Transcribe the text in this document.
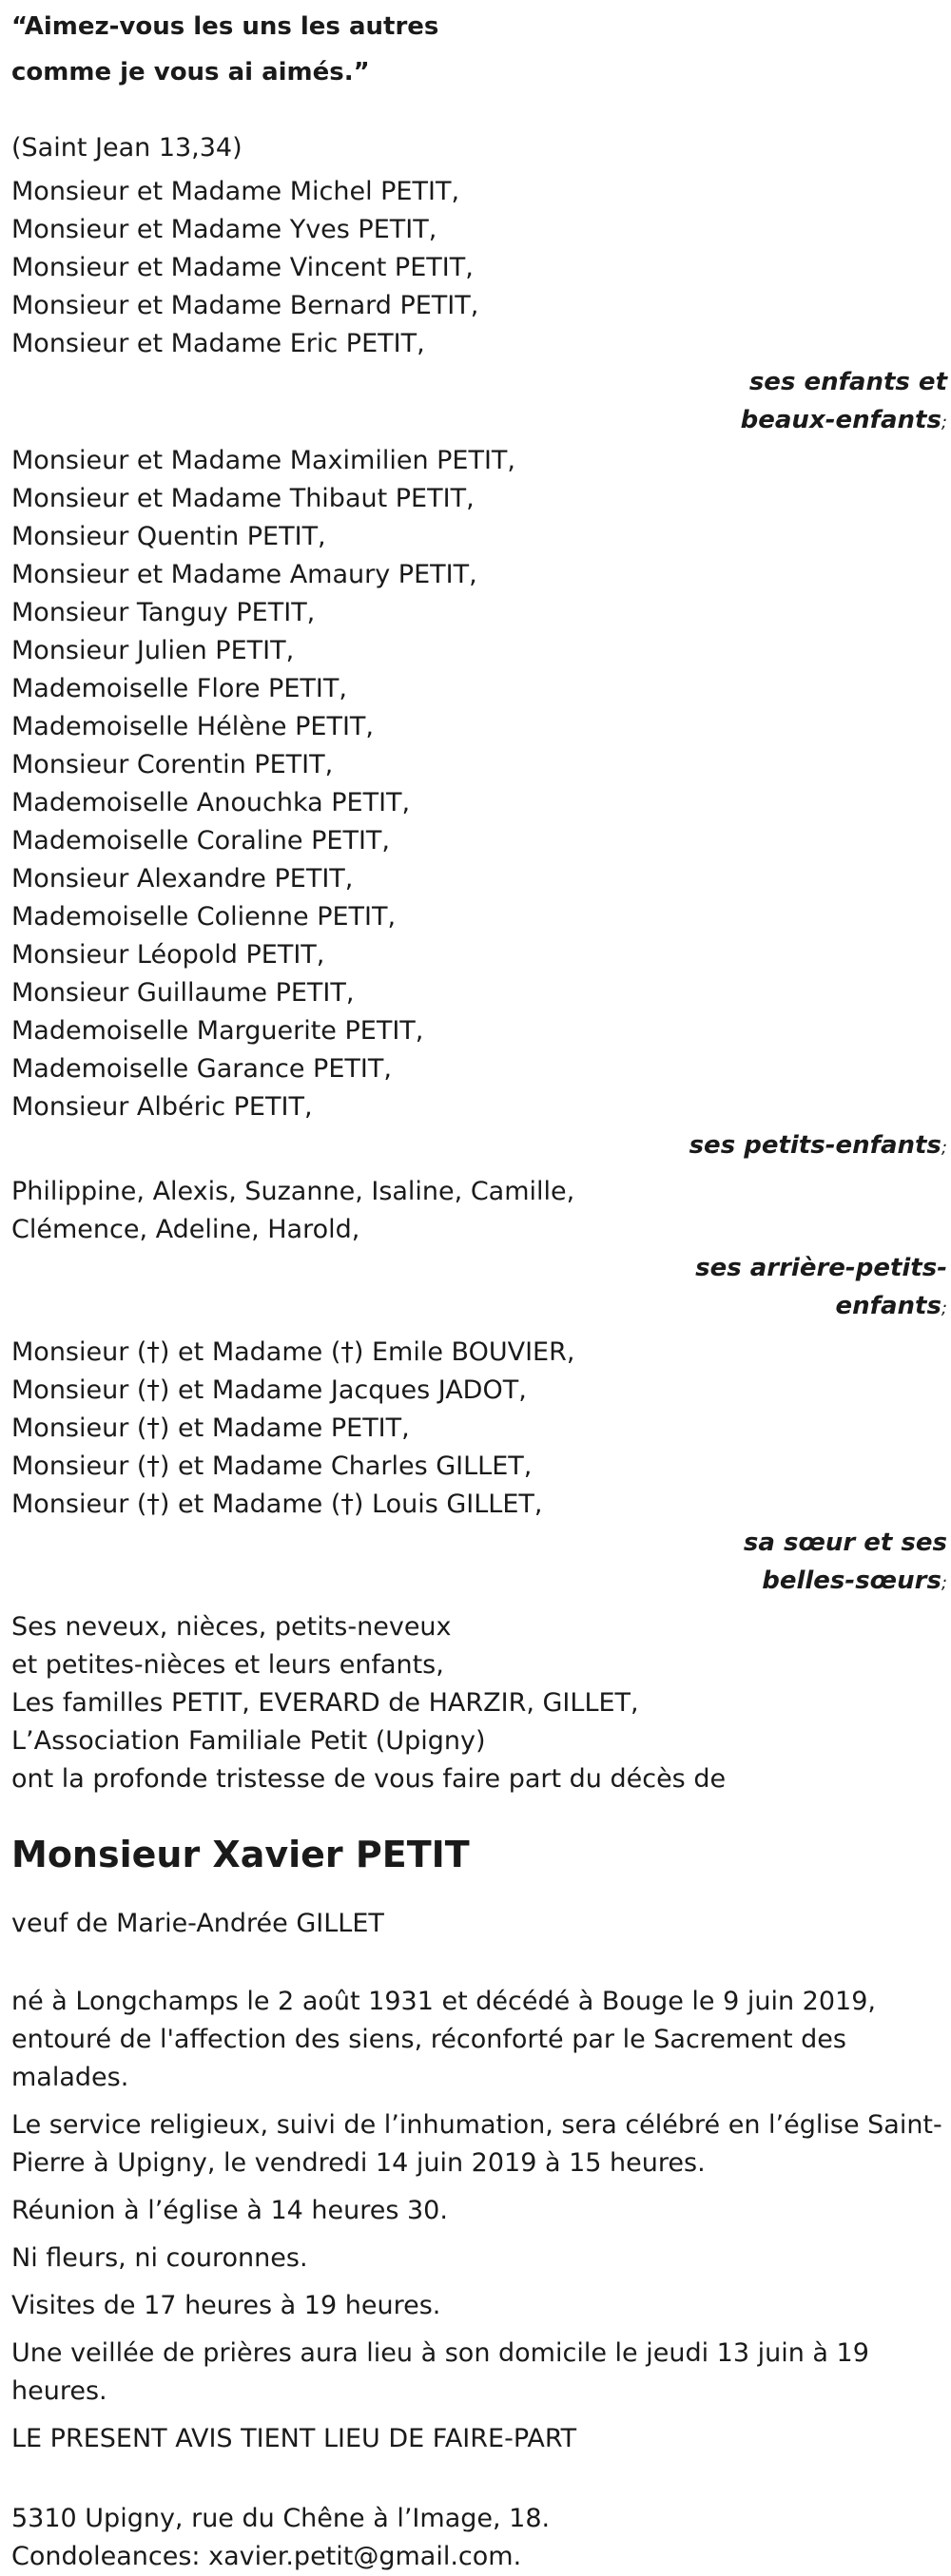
“Aimez-vous les uns les autres
comme je vous ai aimés.”
(Saint Jean 13,34)
Monsieur et Madame Michel PETIT,
Monsieur et Madame Yves PETIT,
Monsieur et Madame Vincent PETIT,
Monsieur et Madame Bernard PETIT,
Monsieur et Madame Eric PETIT,
ses enfants et
beaux-enfants ;
Monsieur et Madame Maximilien PETIT,
Monsieur et Madame Thibaut PETIT,
Monsieur Quentin PETIT,
Monsieur et Madame Amaury PETIT,
Monsieur Tanguy PETIT,
Monsieur Julien PETIT,
Mademoiselle Flore PETIT,
Mademoiselle Hélène PETIT,
Monsieur Corentin PETIT,
Mademoiselle Anouchka PETIT,
Mademoiselle Coraline PETIT,
Monsieur Alexandre PETIT,
Mademoiselle Colienne PETIT,
Monsieur Léopold PETIT,
Monsieur Guillaume PETIT,
Mademoiselle Marguerite PETIT,
Mademoiselle Garance PETIT,
Monsieur Albéric PETIT,
ses petits-enfants ;
Philippine, Alexis, Suzanne, Isaline, Camille,
Clémence, Adeline, Harold,
ses arrière-petits-
enfants ;
Monsieur (†) et Madame (†) Emile BOUVIER,
Monsieur (†) et Madame Jacques JADOT,
Monsieur (†) et Madame PETIT,
Monsieur (†) et Madame Charles GILLET,
Monsieur (†) et Madame (†) Louis GILLET,
sa sœur et ses
belles-sœurs ;
Ses neveux, nièces, petits-neveux
et petites-nièces et leurs enfants,
Les familles PETIT, EVERARD de HARZIR, GILLET,
L’Association Familiale Petit (Upigny)
ont la profonde tristesse de vous faire part du décès de
Monsieur Xavier PETIT
veuf de Marie-Andrée GILLET
né à Longchamps le 2 août 1931 et décédé à Bouge le 9 juin 2019, entouré de l'affection des siens, réconforté par le Sacrement des malades.
Le service religieux, suivi de l’inhumation, sera célébré en l’église Saint-Pierre à Upigny, le vendredi 14 juin 2019 à 15 heures.
Réunion à l’église à 14 heures 30.
Ni fleurs, ni couronnes.
Visites de 17 heures à 19 heures.
Une veillée de prières aura lieu à son domicile le jeudi 13 juin à 19 heures.
LE PRESENT AVIS TIENT LIEU DE FAIRE-PART
5310 Upigny, rue du Chêne à l’Image, 18.
Condoleances: xavier.petit@gmail.com.
